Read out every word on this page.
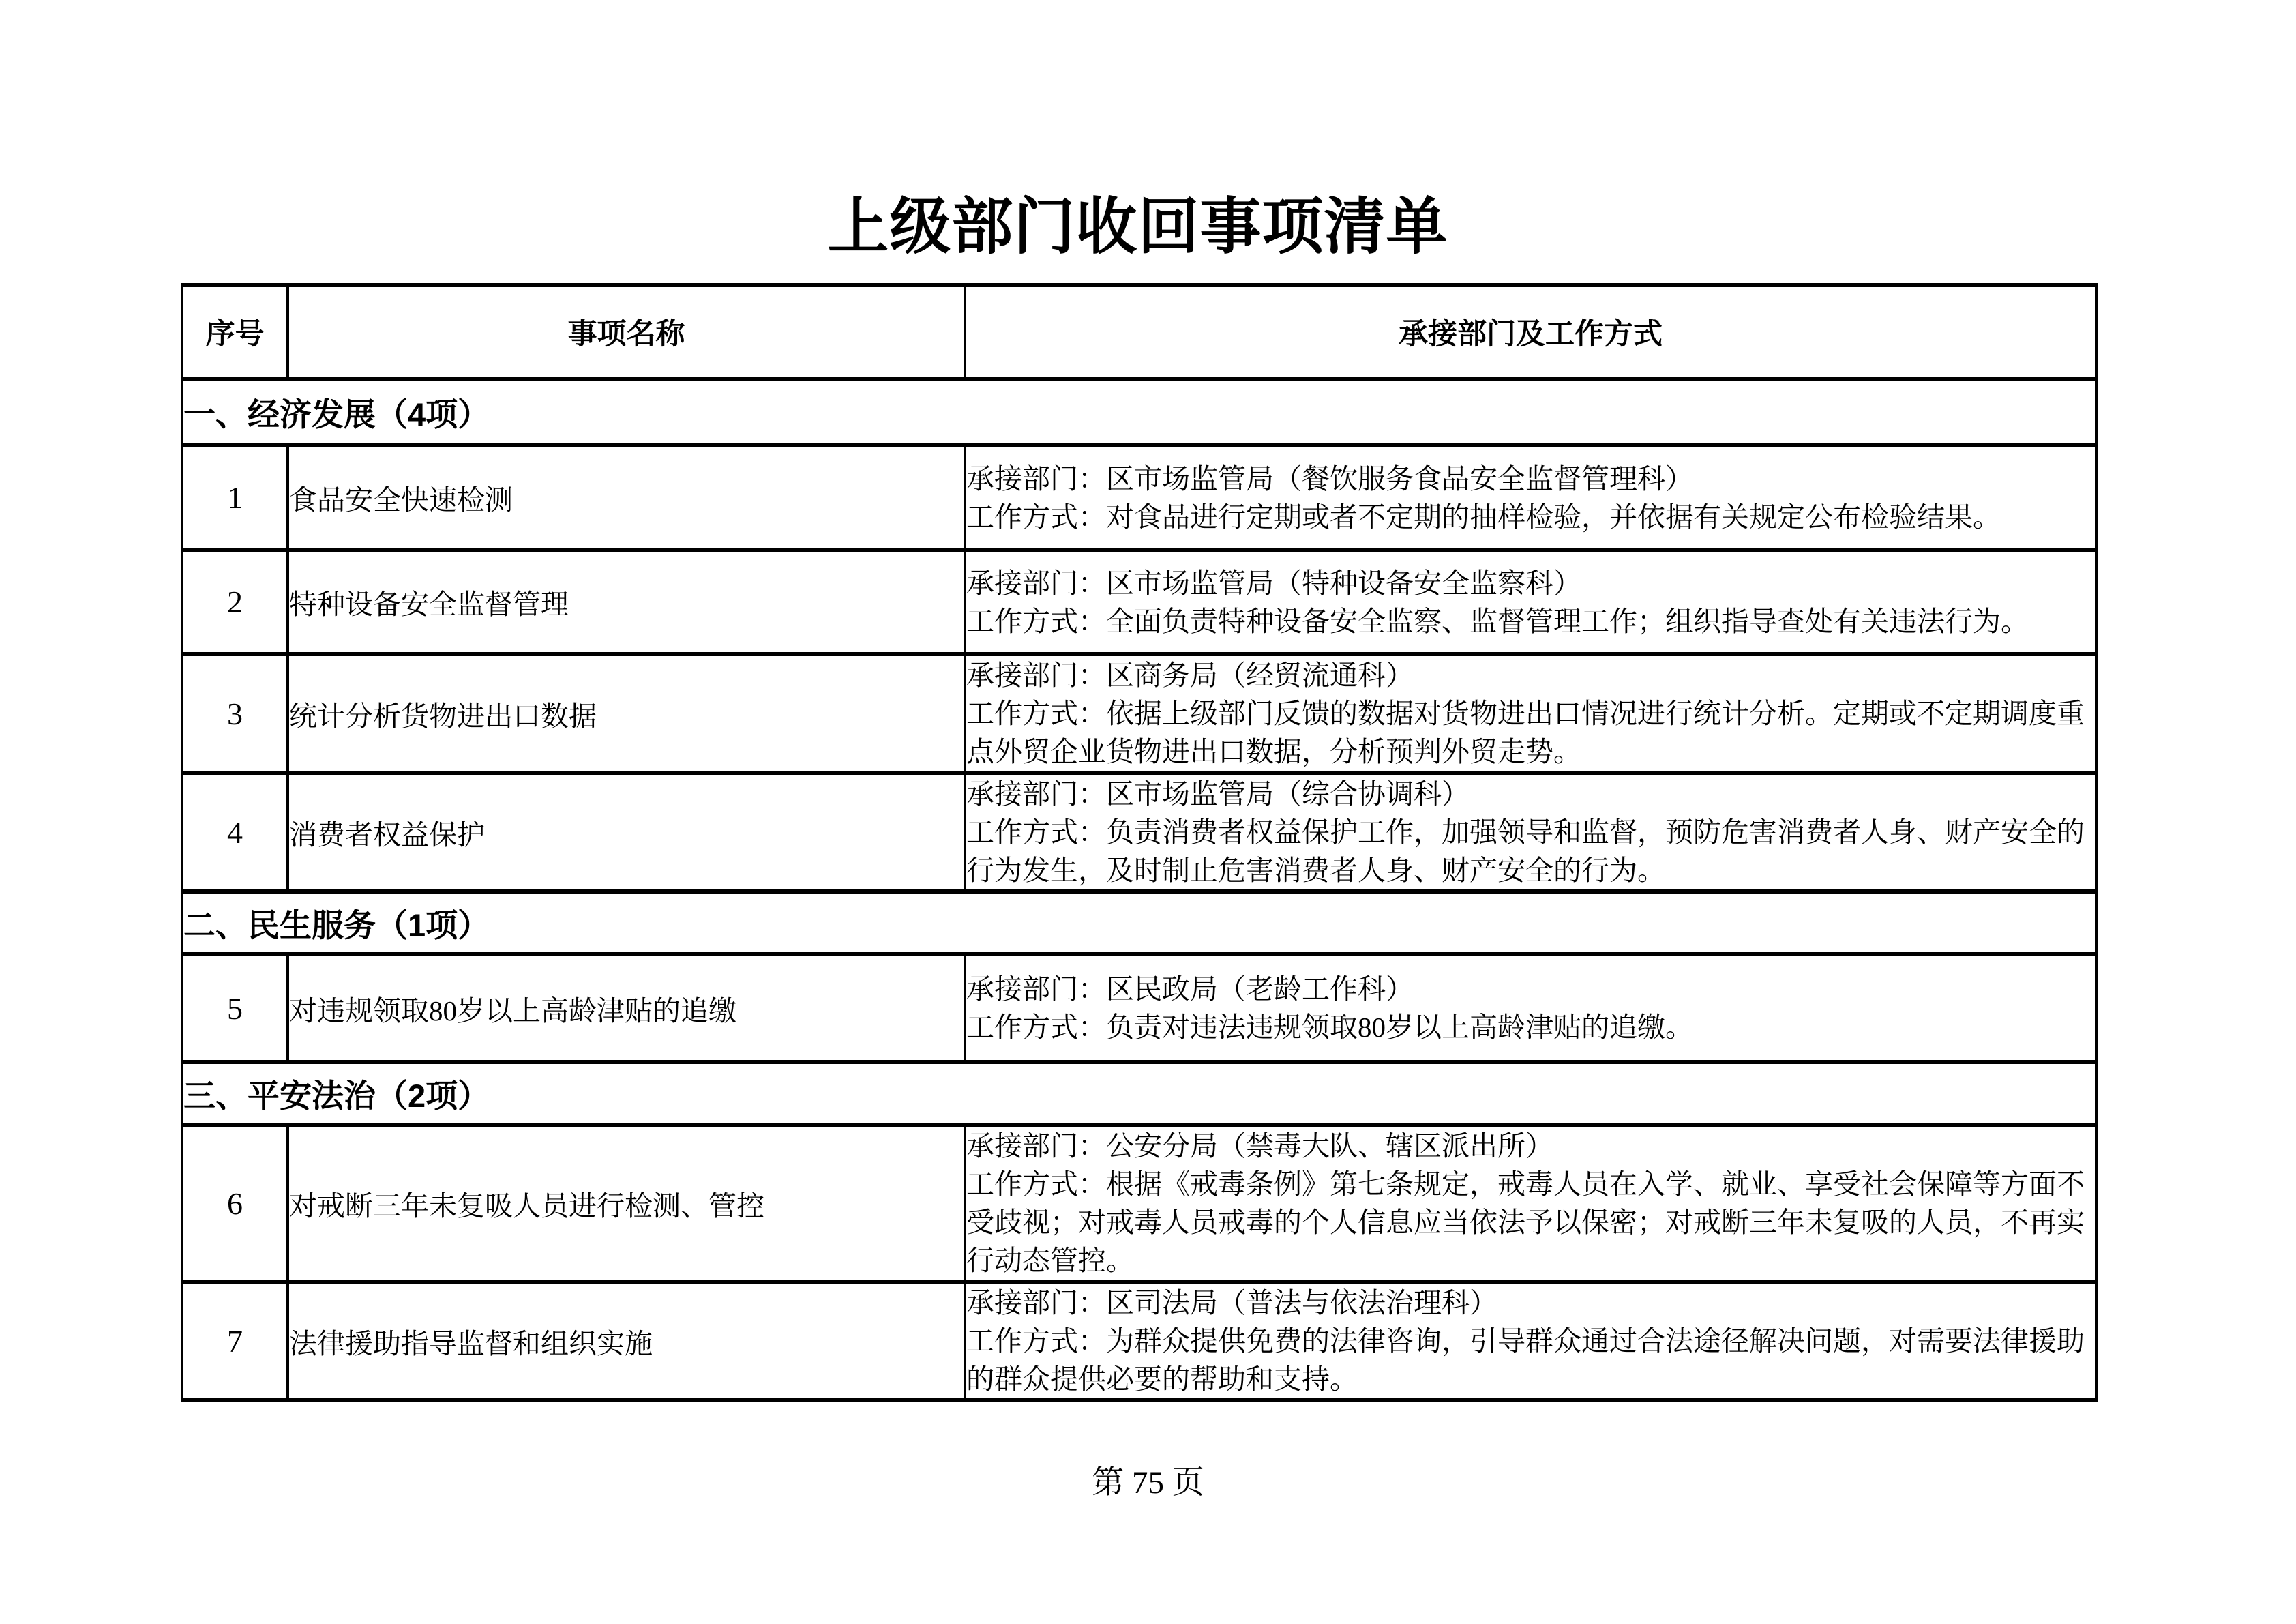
上级部门收回事项清单
序号	事项名称	承接部门及工作方式
一、经济发展（4项）		
1	食品安全快速检测	承接部门：区市场监管局（餐饮服务食品安全监督管理科）
工作方式：对食品进行定期或者不定期的抽样检验，并依据有关规定公布检验结果。

2	特种设备安全监督管理	承接部门：区市场监管局（特种设备安全监察科）
工作方式：全面负责特种设备安全监察、监督管理工作；组织指导查处有关违法行为。

3	统计分析货物进出口数据	承接部门：区商务局（经贸流通科）
工作方式：依据上级部门反馈的数据对货物进出口情况进行统计分析。定期或不定期调度重点外贸企业货物进出口数据，分析预判外贸走势。

4	消费者权益保护	承接部门：区市场监管局（综合协调科）
工作方式：负责消费者权益保护工作，加强领导和监督，预防危害消费者人身、财产安全的行为发生，及时制止危害消费者人身、财产安全的行为。

二、民生服务（1项）		
5	对违规领取80岁以上高龄津贴的追缴	承接部门：区民政局（老龄工作科）
工作方式：负责对违法违规领取80岁以上高龄津贴的追缴。

三、平安法治（2项）		
6	对戒断三年未复吸人员进行检测、管控	承接部门：公安分局（禁毒大队、辖区派出所）
工作方式：根据《戒毒条例》第七条规定，戒毒人员在入学、就业、享受社会保障等方面不受歧视；对戒毒人员戒毒的个人信息应当依法予以保密；对戒断三年未复吸的人员，不再实行动态管控。

7	法律援助指导监督和组织实施	承接部门：区司法局（普法与依法治理科）
工作方式：为群众提供免费的法律咨询，引导群众通过合法途径解决问题，对需要法律援助的群众提供必要的帮助和支持。
第 75 页
